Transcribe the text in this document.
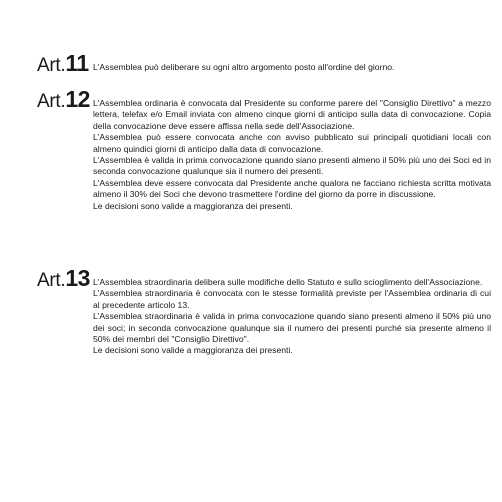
Art.11 L'Assemblea può deliberare su ogni altro argomento posto all'ordine del giorno.

Art.12 L'Assemblea ordinaria è convocata dal Presidente su conforme parere del "Consiglio Direttivo" a mezzo lettera, telefax e/o Email inviata con almeno cinque giorni di anticipo sulla data di convocazione. Copia della convocazione deve essere affissa nella sede dell'Associazione.

L'Assemblea può essere convocata anche con avviso pubblicato sui principali quotidiani locali con almeno quindici giorni di anticipo dalla data di convocazione.

L'Assemblea è valida in prima convocazione quando siano presenti almeno il 50% più uno dei Soci ed in seconda convocazione qualunque sia il numero dei presenti.

L'Assemblea deve essere convocata dal Presidente anche qualora ne facciano richiesta scritta motivata almeno il 30% dei Soci che devono trasmettere l'ordine del giorno da porre in discussione.

Le decisioni sono valide a maggioranza dei presenti.

Art.13 L'Assemblea straordinaria delibera sulle modifiche dello Statuto e sullo scioglimento dell'Associazione.

L'Assemblea straordinaria è convocata con le stesse formalità previste per l'Assemblea ordinaria di cui al precedente articolo 13.

L'Assemblea straordinaria è valida in prima convocazione quando siano presenti almeno il 50% più uno dei soci; in seconda convocazione qualunque sia il numero dei presenti purché sia presente almeno il 50% dei membri del "Consiglio Direttivo".

Le decisioni sono valide a maggioranza dei presenti.
